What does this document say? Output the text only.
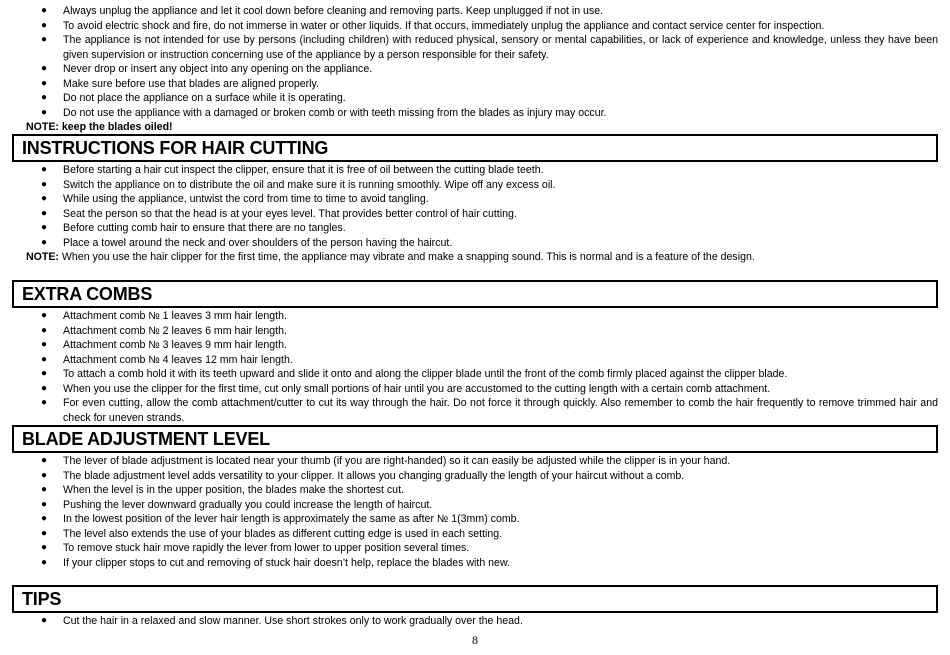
● Always unplug the appliance and let it cool down before cleaning and removing parts. Keep unplugged if not in use.
● To avoid electric shock and fire, do not immerse in water or other liquids. If that occurs, immediately unplug the appliance and contact service center for inspection.
● The appliance is not intended for use by persons (including children) with reduced physical, sensory or mental capabilities, or lack of experience and knowledge, unless they have been given supervision or instruction concerning use of the appliance by a person responsible for their safety.
● Never drop or insert any object into any opening on the appliance.
● Make sure before use that blades are aligned properly.
● Do not place the appliance on a surface while it is operating.
● Do not use the appliance with a damaged or broken comb or with teeth missing from the blades as injury may occur.
NOTE: keep the blades oiled!
INSTRUCTIONS FOR HAIR CUTTING
● Before starting a hair cut inspect the clipper, ensure that it is free of oil between the cutting blade teeth.
● Switch the appliance on to distribute the oil and make sure it is running smoothly. Wipe off any excess oil.
● While using the appliance, untwist the cord from time to time to avoid tangling.
● Seat the person so that the head is at your eyes level. That provides better control of hair cutting.
● Before cutting comb hair to ensure that there are no tangles.
● Place a towel around the neck and over shoulders of the person having the haircut.
NOTE: When you use the hair clipper for the first time, the appliance may vibrate and make a snapping sound. This is normal and is a feature of the design.
EXTRA COMBS
● Attachment comb № 1 leaves 3 mm hair length.
● Attachment comb № 2 leaves 6 mm hair length.
● Attachment comb № 3 leaves 9 mm hair length.
● Attachment comb № 4 leaves 12 mm hair length.
● To attach a comb hold it with its teeth upward and slide it onto and along the clipper blade until the front of the comb firmly placed against the clipper blade.
● When you use the clipper for the first time, cut only small portions of hair until you are accustomed to the cutting length with a certain comb attachment.
● For even cutting, allow the comb attachment/cutter to cut its way through the hair. Do not force it through quickly. Also remember to comb the hair frequently to remove trimmed hair and check for uneven strands.
BLADE ADJUSTMENT LEVEL
● The lever of blade adjustment is located near your thumb (if you are right-handed) so it can easily be adjusted while the clipper is in your hand.
● The blade adjustment level adds versatility to your clipper. It allows you changing gradually the length of your haircut without a comb.
● When the level is in the upper position, the blades make the shortest cut.
● Pushing the lever downward gradually you could increase the length of haircut.
● In the lowest position of the lever hair length is approximately the same as after № 1(3mm) comb.
● The level also extends the use of your blades as different cutting edge is used in each setting.
● To remove stuck hair move rapidly the lever from lower to upper position several times.
● If your clipper stops to cut and removing of stuck hair doesn’t help, replace the blades with new.
TIPS
● Cut the hair in a relaxed and slow manner. Use short strokes only to work gradually over the head.
8
